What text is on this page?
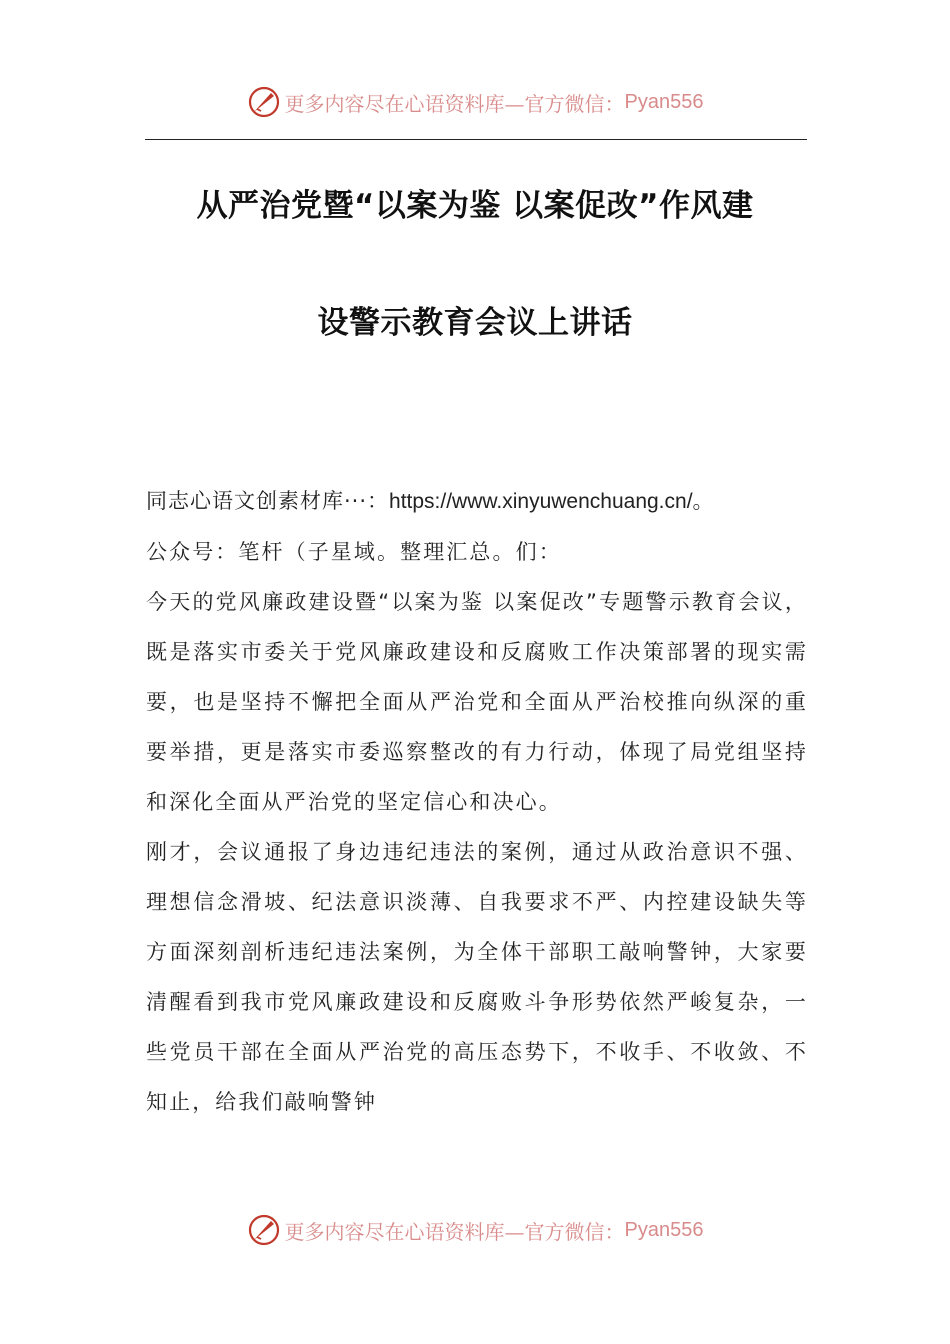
更多内容尽在心语资料库—官方微信： Pyan556
从严治党暨“以案为鉴 以案促改”作风建
设警示教育会议上讲话

同志心语文创素材库···：https://www.xinyuwenchuang.cn/。

公众号：笔杆（子星域。整理汇总。们：

今天的党风廉政建设暨“以案为鉴 以案促改”专题警示教育会议，既是落实市委关于党风廉政建设和反腐败工作决策部署的现实需要，也是坚持不懈把全面从严治党和全面从严治校推向纵深的重要举措，更是落实市委巡察整改的有力行动，体现了局党组坚持和深化全面从严治党的坚定信心和决心。

刚才，会议通报了身边违纪违法的案例，通过从政治意识不强、理想信念滑坡、纪法意识淡薄、自我要求不严、内控建设缺失等方面深刻剖析违纪违法案例，为全体干部职工敲响警钟，大家要清醒看到我市党风廉政建设和反腐败斗争形势依然严峻复杂，一些党员干部在全面从严治党的高压态势下，不收手、不收敛、不知止，给我们敲响警钟

更多内容尽在心语资料库—官方微信： Pyan556
